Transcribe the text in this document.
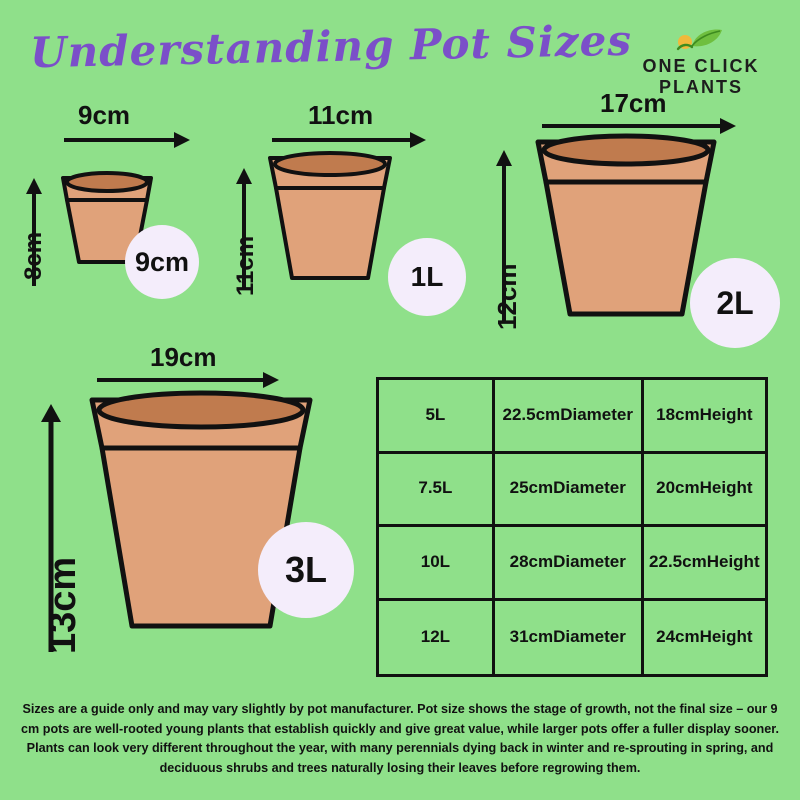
Understanding Pot Sizes ONE CLICK
PLANTS
9cm
8cm	9cm
11cm
11cm	1L
17cm
12cm	2L
19cm
13cm	3L
5L	22.5cm Diameter 18cm Height
7.5L	25cm Diameter 20cm Height
10L	28cm Diameter 22.5cm Height
12L	31cm Diameter 24cm Height
Sizes are a guide only and may vary slightly by pot manufacturer. Pot size shows the stage of growth, not the final size – our 9 cm pots are well-rooted young plants that establish quickly and give great value, while larger pots offer a fuller display sooner. Plants can look very different throughout the year, with many perennials dying back in winter and re-sprouting in spring, and deciduous shrubs and trees naturally losing their leaves before regrowing them.
